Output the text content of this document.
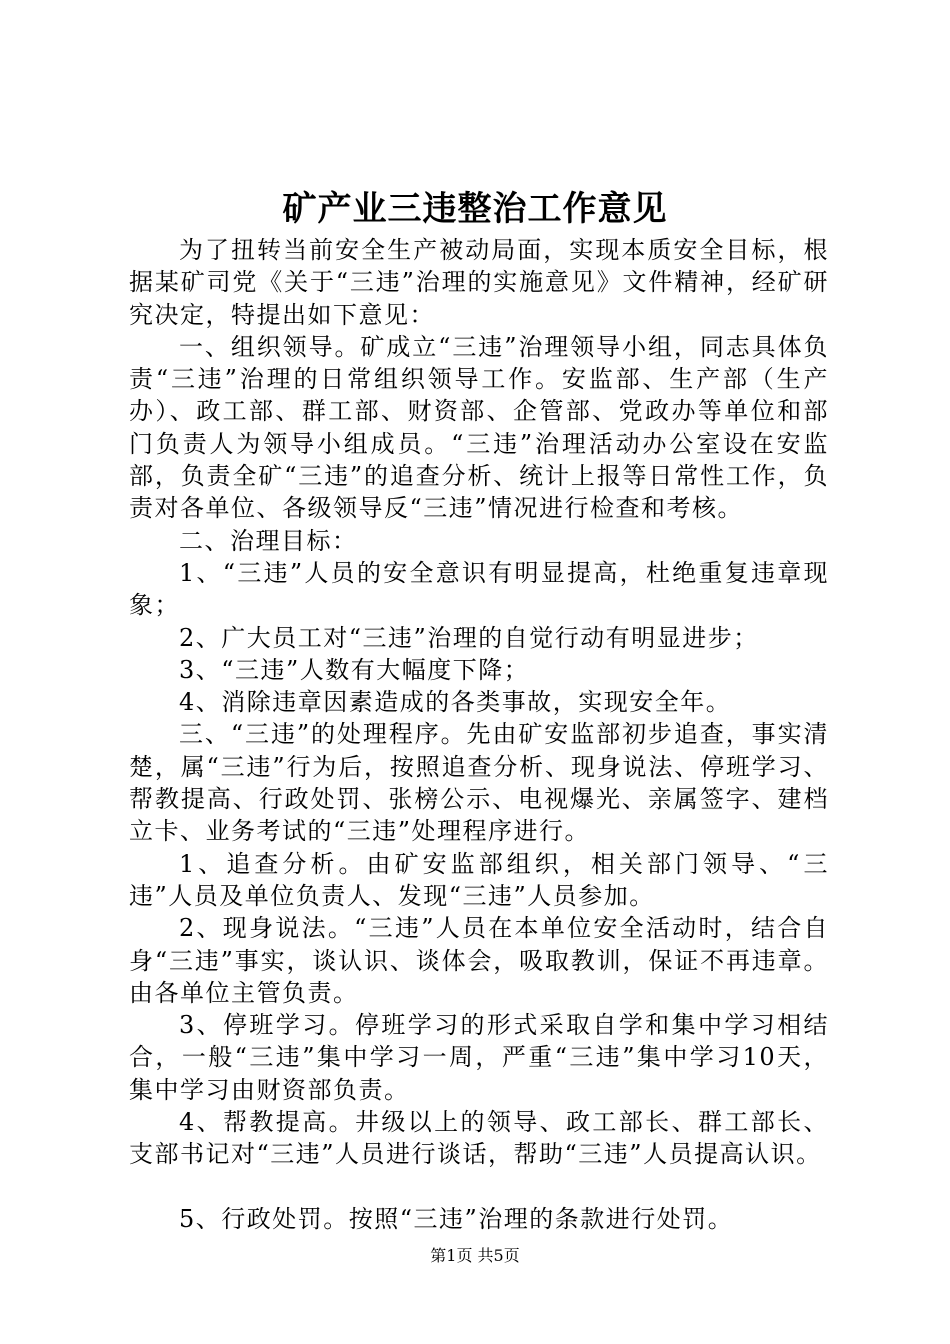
矿产业三违整治工作意见

为了扭转当前安全生产被动局面，实现本质安全目标，根据某矿司党《关于“三违”治理的实施意见》文件精神，经矿研究决定，特提出如下意见：

一、组织领导。矿成立“三违”治理领导小组，同志具体负责“三违”治理的日常组织领导工作。安监部、生产部（生产办）、政工部、群工部、财资部、企管部、党政办等单位和部门负责人为领导小组成员。“三违”治理活动办公室设在安监部，负责全矿“三违”的追查分析、统计上报等日常性工作，负责对各单位、各级领导反“三违”情况进行检查和考核。

二、治理目标：

1、“三违”人员的安全意识有明显提高，杜绝重复违章现象；

2、广大员工对“三违”治理的自觉行动有明显进步；

3、“三违”人数有大幅度下降；

4、消除违章因素造成的各类事故，实现安全年。

三、“三违”的处理程序。先由矿安监部初步追查，事实清楚，属“三违”行为后，按照追查分析、现身说法、停班学习、帮教提高、行政处罚、张榜公示、电视爆光、亲属签字、建档立卡、业务考试的“三违”处理程序进行。

1、追查分析。由矿安监部组织，相关部门领导、“三违”人员及单位负责人、发现“三违”人员参加。

2、现身说法。“三违”人员在本单位安全活动时，结合自身“三违”事实，谈认识、谈体会，吸取教训，保证不再违章。由各单位主管负责。

3、停班学习。停班学习的形式采取自学和集中学习相结合，一般“三违”集中学习一周，严重“三违”集中学习10天，集中学习由财资部负责。

4、帮教提高。井级以上的领导、政工部长、群工部长、支部书记对“三违”人员进行谈话，帮助“三违”人员提高认识。

5、行政处罚。按照“三违”治理的条款进行处罚。

第1页 共5页
